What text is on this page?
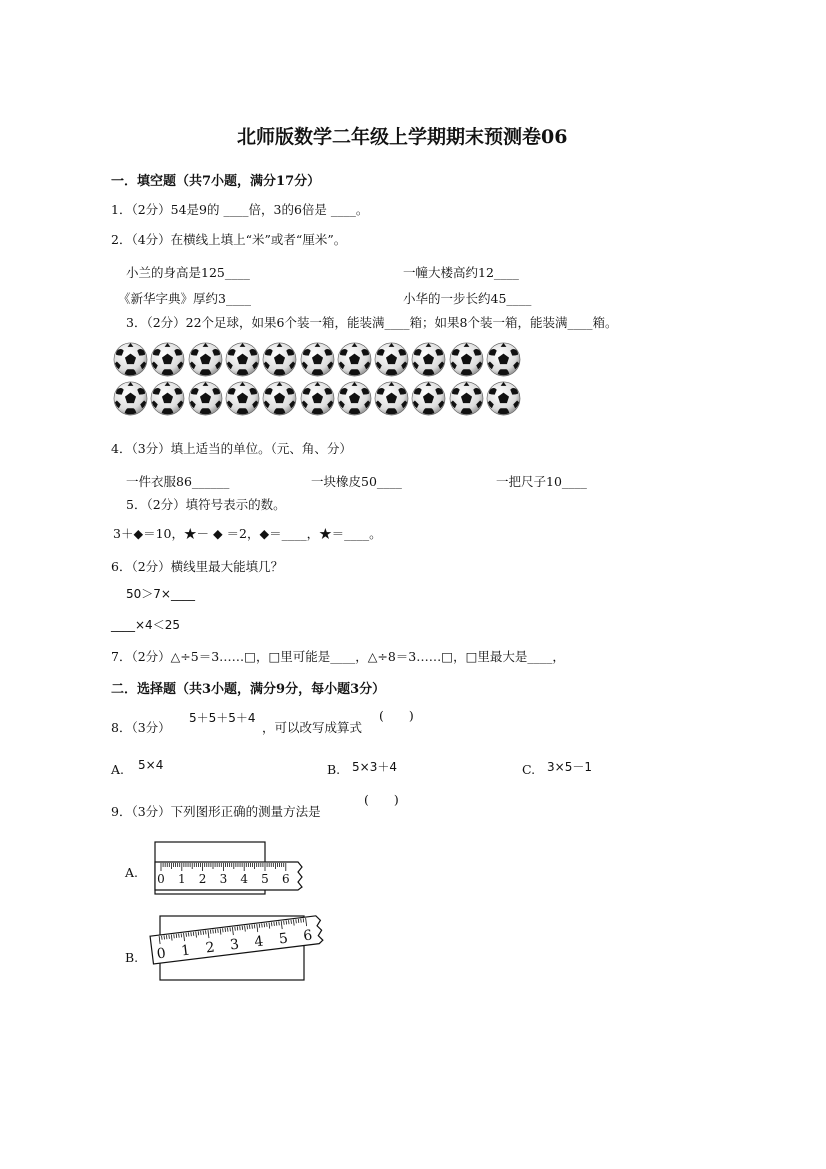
北师版数学二年级上学期期末预测卷06
一．填空题（共7小题，满分17分）
1．（2分）54是9的 ____倍，3的6倍是 ____。
2．（4分）在横线上填上“米”或者“厘米”。
小兰的身高是125____	一幢大楼高约12____
《新华字典》厚约3____	小华的一步长约45____
3．（2分）22个足球，如果6个装一箱，能装满____箱；如果8个装一箱，能装满____箱。
4．（3分）填上适当的单位。（元、角、分）
一件衣服86______	一块橡皮50____	一把尺子10____
5．（2分）填符号表示的数。
3＋◆＝10，★－ ◆ ＝2，◆＝____，★＝____。
6．（2分）横线里最大能填几？
50＞7×____
____×4＜25
7．（2分）△÷5＝3……□，□里可能是____，△÷8＝3……□，□里最大是____，
二．选择题（共3小题，满分9分，每小题3分）
8．（3分）
5＋5＋5＋4
，可以改写成算式
(　　)
A. 5×4	B. 5×3＋4	C. 3×5－1
9．（3分）下列图形正确的测量方法是
(　　)
A. 0 1 2 3 4 5 6
B. 0 1 2 3 4 5 6
